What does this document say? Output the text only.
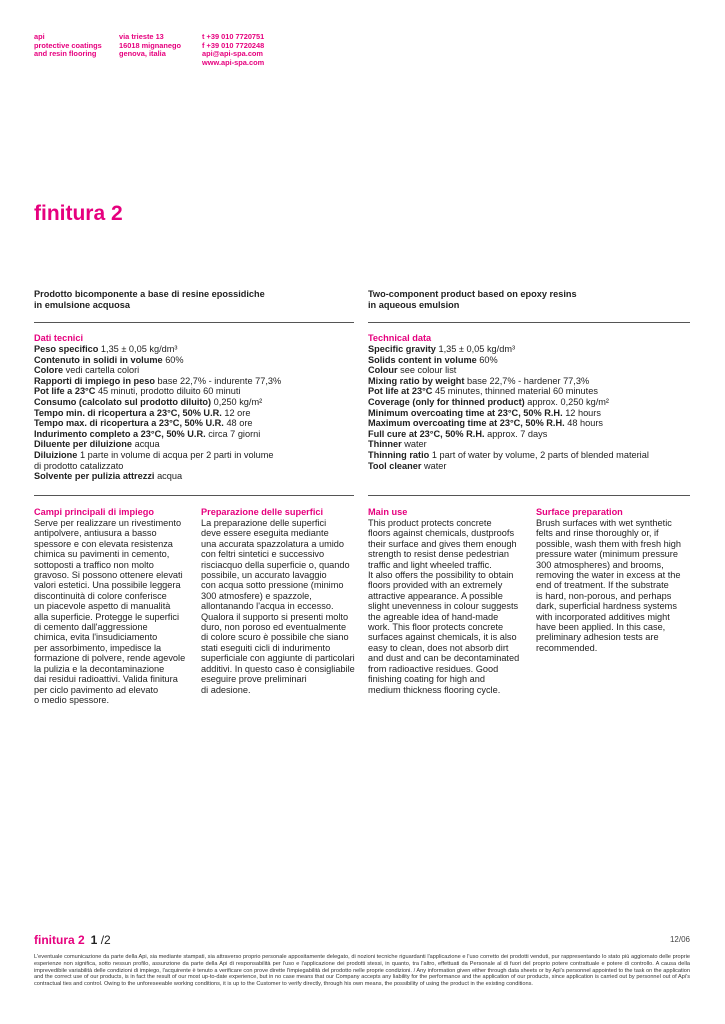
api
protective coatings
and resin flooring
via trieste 13
16018 mignanego
genova, italia
t +39 010 7720751
f +39 010 7720248
api@api-spa.com
www.api-spa.com
finitura 2
Prodotto bicomponente a base di resine epossidiche
in emulsione acquosa
Two-component product based on epoxy resins
in aqueous emulsion
Dati tecnici
Peso specifico 1,35 ± 0,05 kg/dm³
Contenuto in solidi in volume 60%
Colore vedi cartella colori
Rapporti di impiego in peso base 22,7% - indurente 77,3%
Pot life a 23°C 45 minuti, prodotto diluito 60 minuti
Consumo (calcolato sul prodotto diluito) 0,250 kg/m²
Tempo min. di ricopertura a 23°C, 50% U.R. 12 ore
Tempo max. di ricopertura a 23°C, 50% U.R. 48 ore
Indurimento completo a 23°C, 50% U.R. circa 7 giorni
Diluente per diluizione acqua
Diluizione 1 parte in volume di acqua per 2 parti in volume
di prodotto catalizzato
Solvente per pulizia attrezzi acqua
Technical data
Specific gravity 1,35 ± 0,05 kg/dm³
Solids content in volume 60%
Colour see colour list
Mixing ratio by weight base 22,7% - hardener 77,3%
Pot life at 23°C 45 minutes, thinned material 60 minutes
Coverage (only for thinned product) approx. 0,250 kg/m²
Minimum overcoating time at 23°C, 50% R.H. 12 hours
Maximum overcoating time at 23°C, 50% R.H. 48 hours
Full cure at 23°C, 50% R.H. approx. 7 days
Thinner water
Thinning ratio 1 part of water by volume, 2 parts of blended material
Tool cleaner water
Campi principali di impiego
Serve per realizzare un rivestimento
antipolvere, antiusura a basso
spessore e con elevata resistenza
chimica su pavimenti in cemento,
sottoposti a traffico non molto
gravoso. Si possono ottenere elevati
valori estetici. Una possibile leggera
discontinuità di colore conferisce
un piacevole aspetto di manualità
alla superficie. Protegge le superfici
di cemento dall'aggressione
chimica, evita l'insudiciamento
per assorbimento, impedisce la
formazione di polvere, rende agevole
la pulizia e la decontaminazione
dai residui radioattivi. Valida finitura
per ciclo pavimento ad elevato
o medio spessore.
Preparazione delle superfici
La preparazione delle superfici
deve essere eseguita mediante
una accurata spazzolatura a umido
con feltri sintetici e successivo
risciacquo della superficie o, quando
possibile, un accurato lavaggio
con acqua sotto pressione (minimo
300 atmosfere) e spazzole,
allontanando l'acqua in eccesso.
Qualora il supporto si presenti molto
duro, non poroso ed eventualmente
di colore scuro è possibile che siano
stati eseguiti cicli di indurimento
superficiale con aggiunte di particolari
additivi. In questo caso è consigliabile
eseguire prove preliminari
di adesione.
Main use
This product protects concrete
floors against chemicals, dustproofs
their surface and gives them enough
strength to resist dense pedestrian
traffic and light wheeled traffic.
It also offers the possibility to obtain
floors provided with an extremely
attractive appearance. A possible
slight unevenness in colour suggests
the agreable idea of hand-made
work. This floor protects concrete
surfaces against chemicals, it is also
easy to clean, does not absorb dirt
and dust and can be decontaminated
from radioactive residues. Good
finishing coating for high and
medium thickness flooring cycle.
Surface preparation
Brush surfaces with wet synthetic
felts and rinse thoroughly or, if
possible, wash them with fresh high
pressure water (minimum pressure
300 atmospheres) and brooms,
removing the water in excess at the
end of treatment. If the substrate
is hard, non-porous, and perhaps
dark, superficial hardness systems
with incorporated additives might
have been applied. In this case,
preliminary adhesion tests are
recommended.
finitura 2 1 /2	12/06
L'eventuale comunicazione da parte della Api, sia mediante stampati, sia attraverso proprio personale appositamente delegato, di nozioni tecniche riguardanti l'applicazione e l'uso corretto dei prodotti venduti, pur rappresentando lo stato più aggiornato delle proprie esperienze non significa, sotto nessun profilo, assunzione da parte della Api di responsabilità per l'uso e l'applicazione dei prodotti stessi, in quanto, tra l'altro, effettuati da Personale al di fuori del proprio potere contrattuale e potere di controllo. A causa della imprevedibile variabilità delle condizioni di impiego, l'acquirente è tenuto a verificare con prove dirette l'impiegabilità del prodotto nelle proprie condizioni. / Any information given either through data sheets or by Api's personnel appointed to the task on the application and the correct use of our products, is in fact the result of our most up-to-date experience, but in no case means that our Company accepts any liability for the performance and the application of our products, since application is carried out by personnel out of Api's contractual ties and control. Owing to the unforeseeable working conditions, it is up to the Customer to verify directly, through his own means, the possibility of using the product in the existing conditions.
